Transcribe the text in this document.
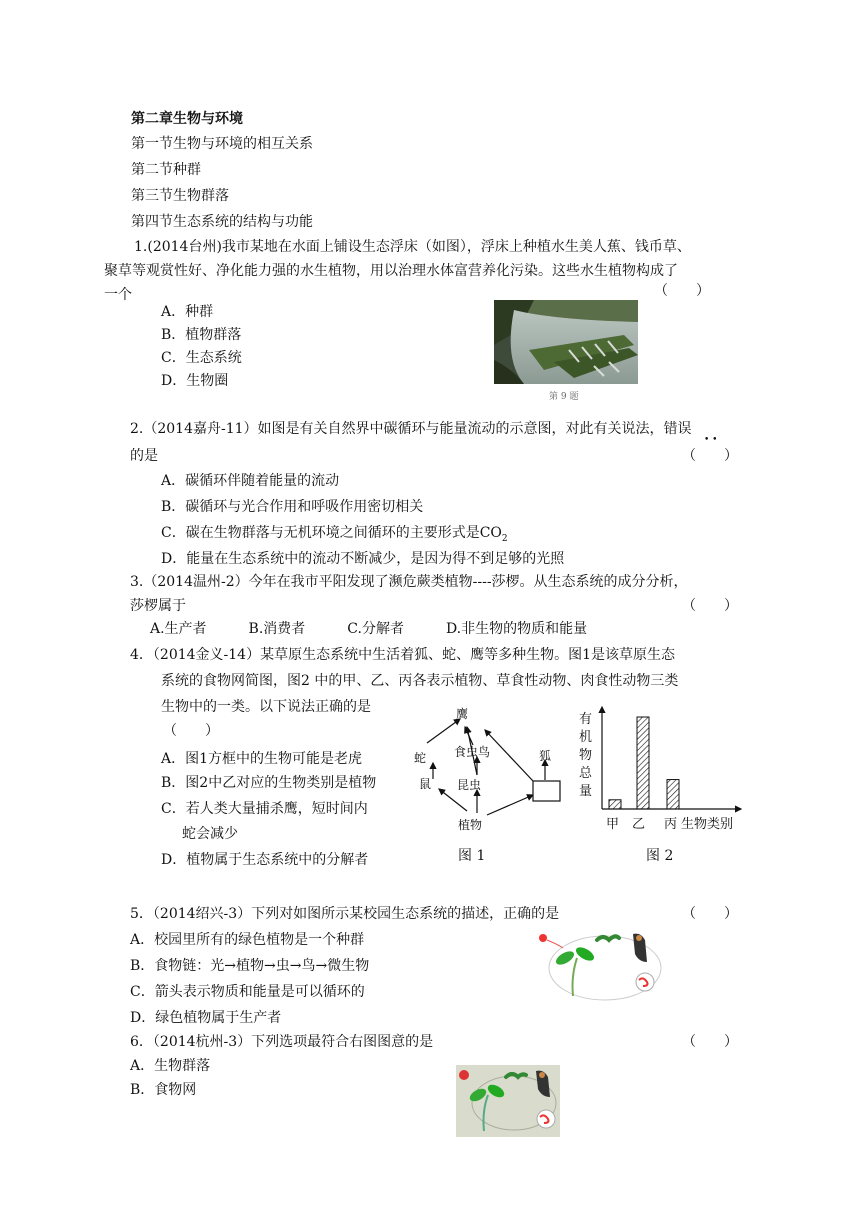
第二章生物与环境
第一节生物与环境的相互关系
第二节种群
第三节生物群落
第四节生态系统的结构与功能
1.(2014台州)我市某地在水面上铺设生态浮床（如图），浮床上种植水生美人蕉、钱币草、
聚草等观赏性好、净化能力强的水生植物，用以治理水体富营养化污染。这些水生植物构成了
一个	（　　）
A．种群
B．植物群落
C．生态系统
D．生物圈
第 9 题
2.（2014嘉舟-11）如图是有关自然界中碳循环与能量流动的示意图，对此有关说法，错误
• •
的是	（　　）
A．碳循环伴随着能量的流动
B．碳循环与光合作用和呼吸作用密切相关
C．碳在生物群落与无机环境之间循环的主要形式是$CO_2$
D．能量在生态系统中的流动不断减少，是因为得不到足够的光照
3.（2014温州-2）今年在我市平阳发现了濒危蕨类植物----莎椤。从生态系统的成分分析，
莎椤属于	（　　）
A.生产者　　　B.消费者　　　C.分解者　　　D.非生物的物质和能量
4．（2014金义-14）某草原生态系统中生活着狐、蛇、鹰等多种生物。图1是该草原生态
系统的食物网简图，图2 中的甲、乙、丙各表示植物、草食性动物、肉食性动物三类
生物中的一类。以下说法正确的是
（　　）
A．图1方框中的生物可能是老虎
B．图2中乙对应的生物类别是植物
C．若人类大量捕杀鹰，短时间内
蛇会减少
D．植物属于生态系统中的分解者
鹰
食虫鸟
蛇
鼠 昆虫
植物
狐
图 1
有
机
物
总
量
甲 乙 丙 生物类别
图 2
5．（2014绍兴-3）下列对如图所示某校园生态系统的描述，正确的是	（　　）
A．校园里所有的绿色植物是一个种群
B．食物链：光→植物→虫→鸟→微生物
C．箭头表示物质和能量是可以循环的
D．绿色植物属于生产者
6．（2014杭州-3）下列选项最符合右图图意的是	（　　）
A．生物群落
B．食物网
